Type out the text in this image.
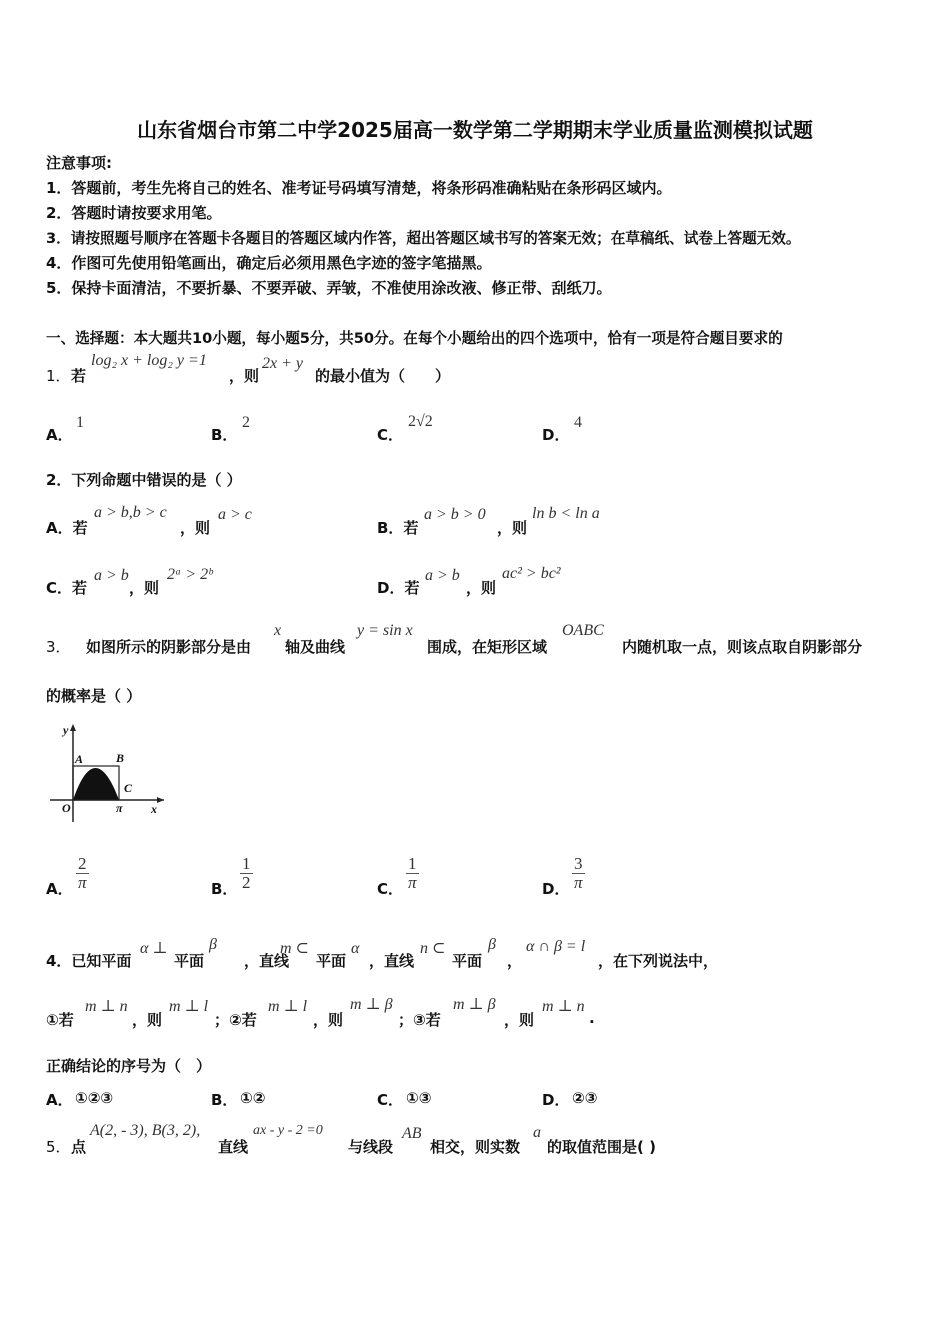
山东省烟台市第二中学2025届高一数学第二学期期末学业质量监测模拟试题
注意事项:
1．答题前，考生先将自己的姓名、准考证号码填写清楚，将条形码准确粘贴在条形码区域内。
2．答题时请按要求用笔。
3．请按照题号顺序在答题卡各题目的答题区域内作答，超出答题区域书写的答案无效；在草稿纸、试卷上答题无效。
4．作图可先使用铅笔画出，确定后必须用黑色字迹的签字笔描黑。
5．保持卡面清洁，不要折暴、不要弄破、弄皱，不准使用涂改液、修正带、刮纸刀。
一、选择题：本大题共10小题，每小题5分，共50分。在每个小题给出的四个选项中，恰有一项是符合题目要求的
1． 若
log₂ x + log₂ y =1
，则
2x + y
的最小值为（　　）
A．
1
B．
2
C．
2√2
D．
4
2．下列命题中错误的是（ ）
A．若
a > b,b > c
，则
a > c
B．若
a > b > 0
，则
ln b < ln a
C．若
a > b
，则
2ᵃ > 2ᵇ
D．若
a > b
，则
ac² > bc²
3． 如图所示的阴影部分是由
x
轴及曲线
y = sin x
围成，在矩形区域
OABC
内随机取一点，则该点取自阴影部分
的概率是（ ）
y
A	B
C
O	π x
A． $\frac{2}{\pi}$	B． $\frac{1}{2}$	C． $\frac{1}{\pi}$	D． $\frac{3}{\pi}$
4．已知平面
α ⊥
平面
β
，直线
m ⊂
平面
α
，直线
n ⊂
平面
β
，
α ∩ β = l
，在下列说法中，
①若
m ⊥ n
，则
m ⊥ l
；②若
m ⊥ l
，则
m ⊥ β
；③若
m ⊥ β
，则
m ⊥ n
.
正确结论的序号为（　）
A． ①②③	B． ①②	C． ①③	D． ②③
5． 点
A(2, - 3), B(3, 2),
直线
ax - y - 2 =0
与线段
AB
相交，则实数
a
的取值范围是( )
